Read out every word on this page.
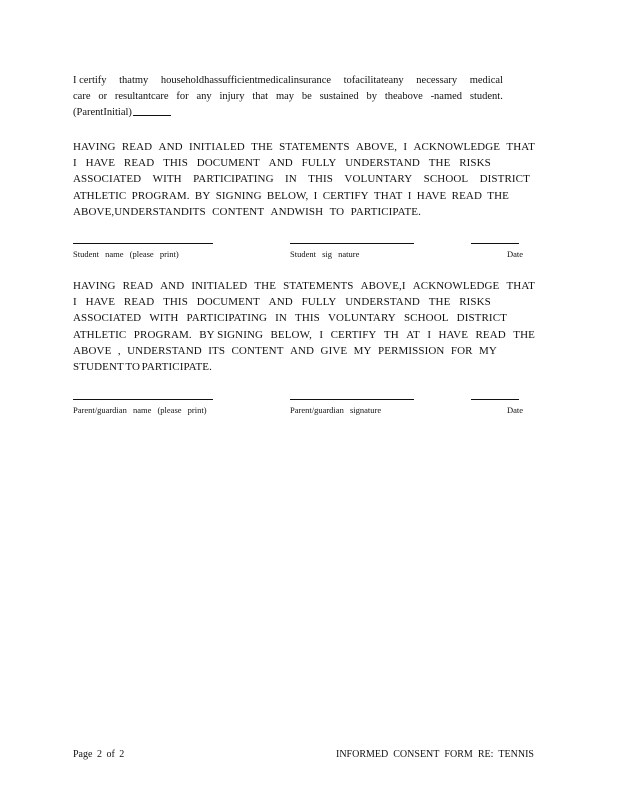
I certify thatmy householdhassufficientmedicalinsurance tofacilitateany necessary medical
care or resultantcare for any injury that may be sustained by theabove -named student.
(ParentInitial)
HAVING READ AND INITIALED THE STATEMENTS ABOVE, I ACKNOWLEDGE THAT
I HAVE READ THIS DOCUMENT AND FULLY UNDERSTAND THE RISKS
ASSOCIATED WITH PARTICIPATING IN THIS VOLUNTARY SCHOOL DISTRICT
ATHLETIC PROGRAM. BY SIGNING BELOW, I CERTIFY THAT I HAVE READ THE
ABOVE,UNDERSTANDITS CONTENT ANDWISH TO PARTICIPATE.
Student name (please print)	Student sig nature	Date
HAVING READ AND INITIALED THE STATEMENTS ABOVE,I ACKNOWLEDGE THAT
I HAVE READ THIS DOCUMENT AND FULLY UNDERSTAND THE RISKS
ASSOCIATED WITH PARTICIPATING IN THIS VOLUNTARY SCHOOL DISTRICT
ATHLETIC PROGRAM. BY SIGNING BELOW, I CERTIFY TH AT I HAVE READ THE
ABOVE , UNDERSTAND ITS CONTENT AND GIVE MY PERMISSION FOR MY
STUDENT TO PARTICIPATE.
Parent/guardian name (please print)	Parent/guardian signature	Date
Page 2 of 2	INFORMED CONSENT FORM RE: TENNIS
